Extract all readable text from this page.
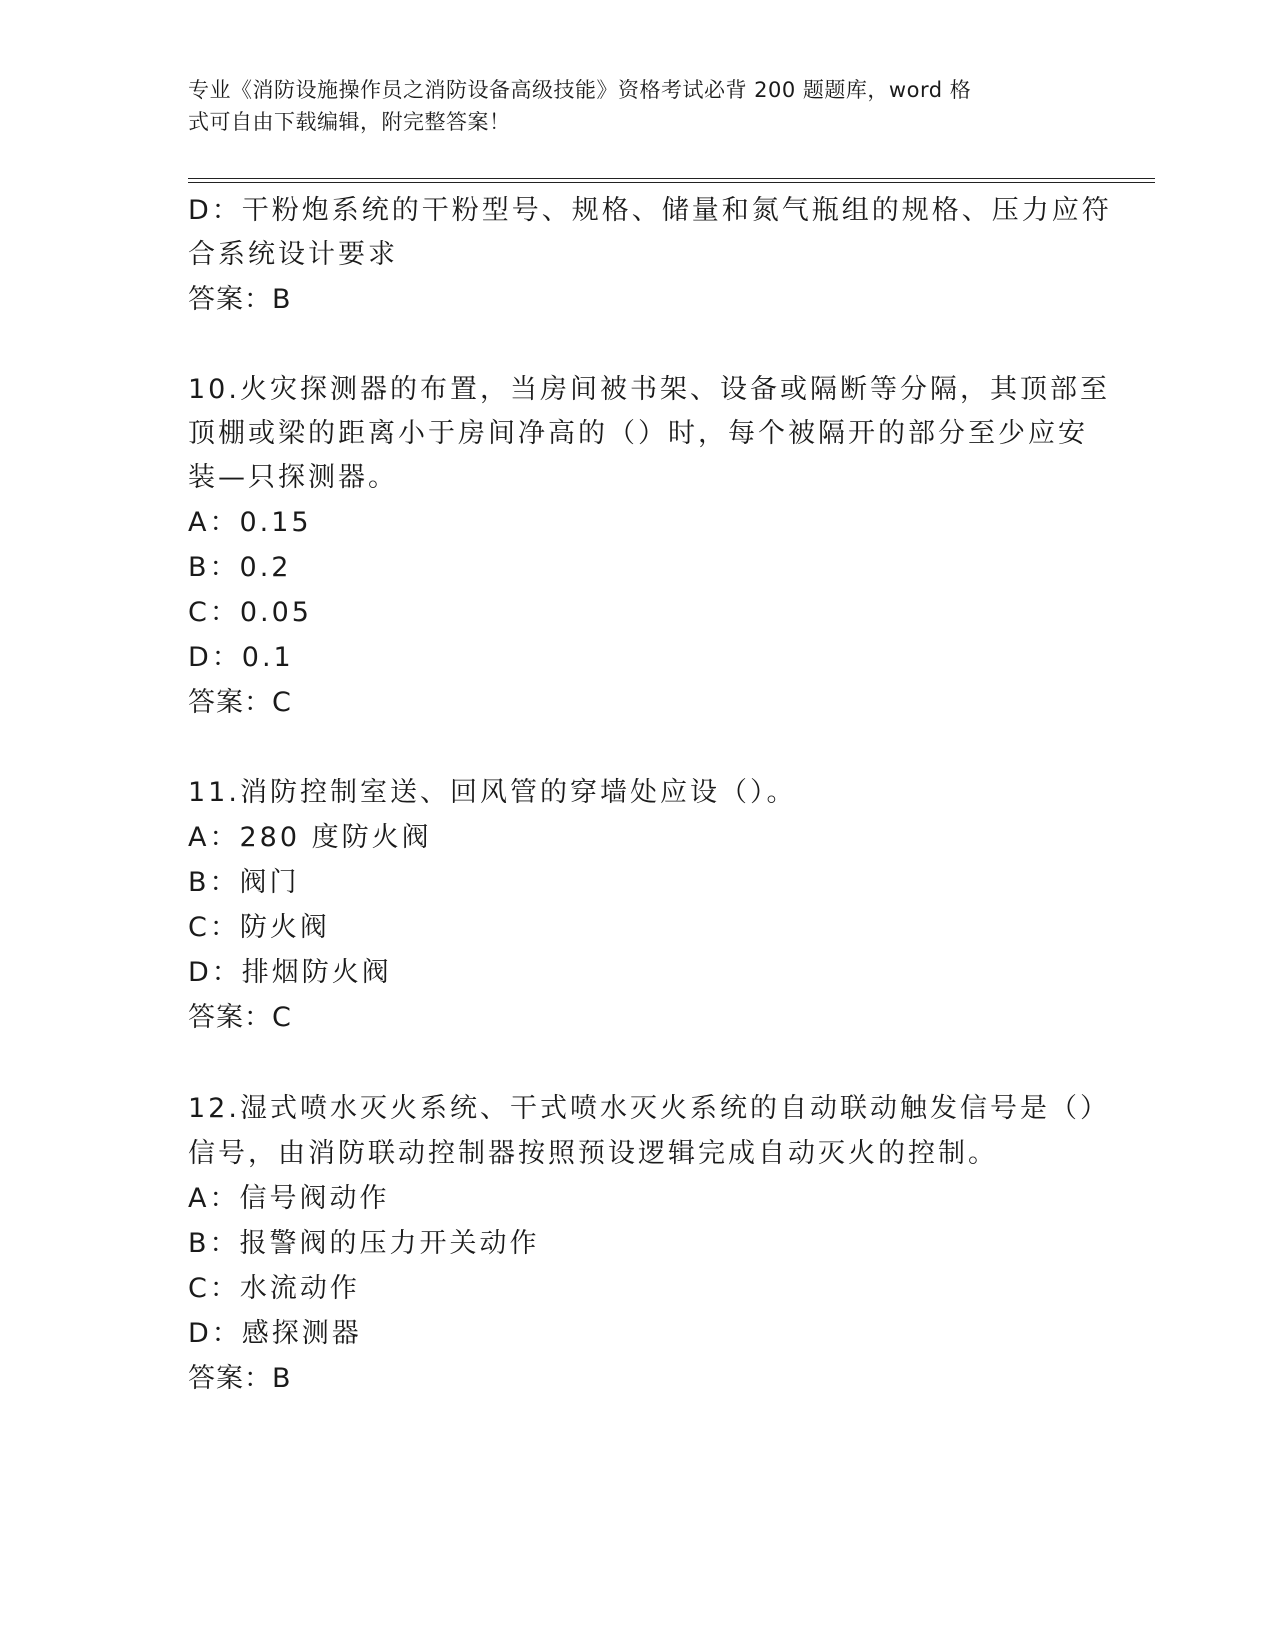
专业《消防设施操作员之消防设备高级技能》资格考试必背 200 题题库，word 格
式可自由下载编辑，附完整答案！
D：干粉炮系统的干粉型号、规格、储量和氮气瓶组的规格、压力应符
合系统设计要求
答案：B
10.火灾探测器的布置，当房间被书架、设备或隔断等分隔，其顶部至
顶棚或梁的距离小于房间净高的（）时，每个被隔开的部分至少应安
装—只探测器。
A：0.15
B：0.2
C：0.05
D：0.1
答案：C
11.消防控制室送、回风管的穿墙处应设（）。
A：280 度防火阀
B：阀门
C：防火阀
D：排烟防火阀
答案：C
12.湿式喷水灭火系统、干式喷水灭火系统的自动联动触发信号是（）
信号，由消防联动控制器按照预设逻辑完成自动灭火的控制。
A：信号阀动作
B：报警阀的压力开关动作
C：水流动作
D：感探测器
答案：B
